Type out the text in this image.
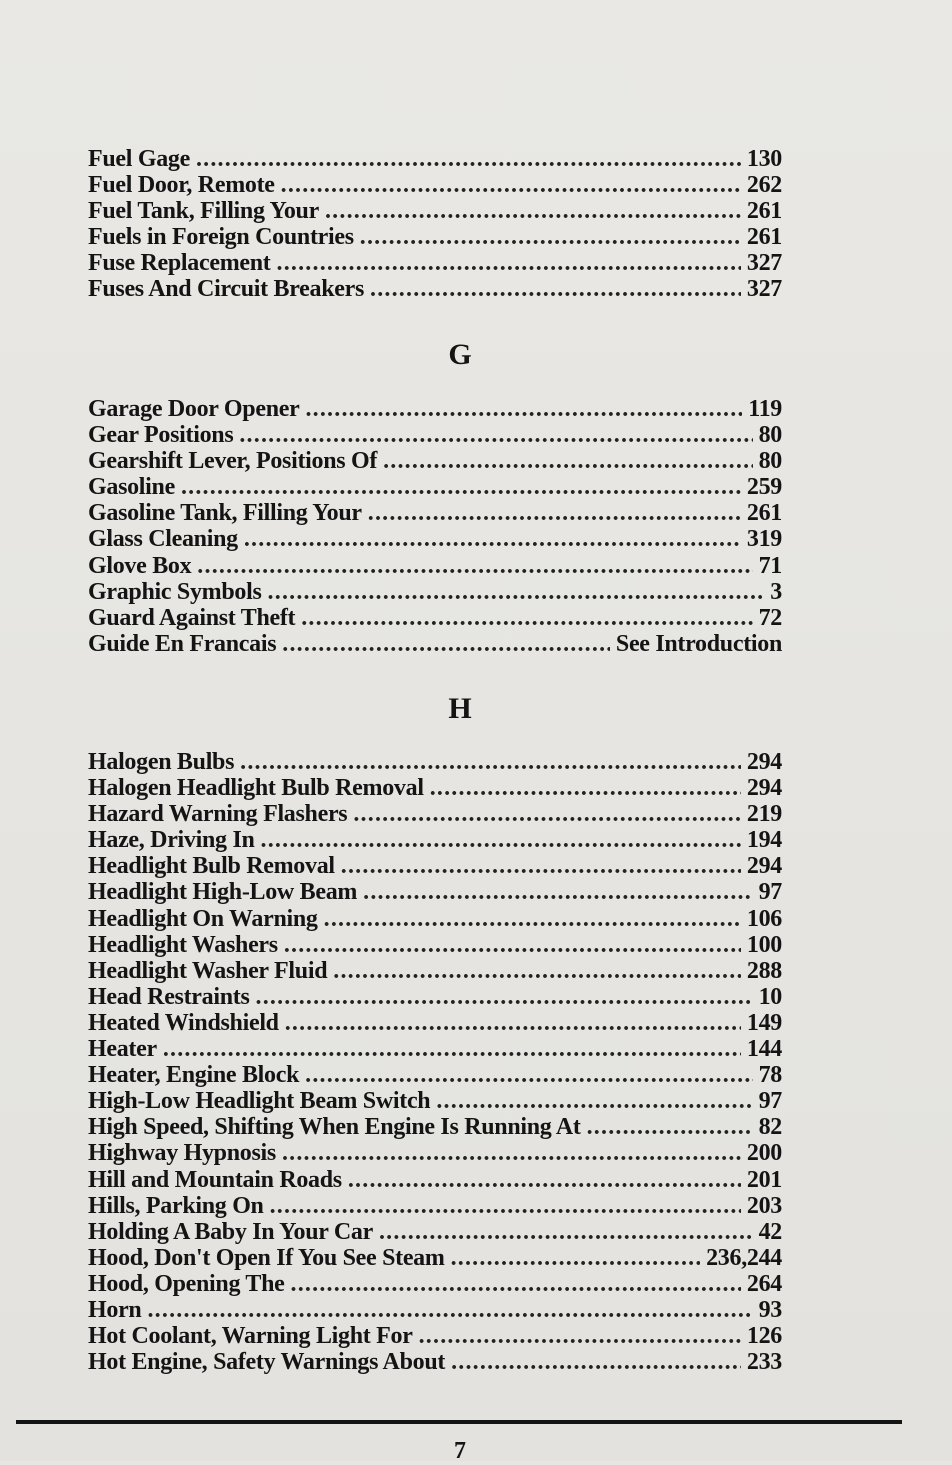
Fuel Gage . . .	130
Fuel Door, Remote . . .	262
Fuel Tank, Filling Your . . .	261
Fuels in Foreign Countries . . .	261
Fuse Replacement . . .	327
Fuses And Circuit Breakers . . .	327
G
Garage Door Opener . . .	119
Gear Positions . . .	80
Gearshift Lever, Positions Of . . .	80
Gasoline . . .	259
Gasoline Tank, Filling Your . . .	261
Glass Cleaning . . .	319
Glove Box . . .	71
Graphic Symbols . . .	3
Guard Against Theft . . .	72
Guide En Francais . . .	See Introduction
H
Halogen Bulbs . . .	294
Halogen Headlight Bulb Removal . . .	294
Hazard Warning Flashers . . .	219
Haze, Driving In . . .	194
Headlight Bulb Removal . . .	294
Headlight High-Low Beam . . .	97
Headlight On Warning . . .	106
Headlight Washers . . .	100
Headlight Washer Fluid . . .	288
Head Restraints . . .	10
Heated Windshield . . .	149
Heater . . .	144
Heater, Engine Block . . .	78
High-Low Headlight Beam Switch . . .	97
High Speed, Shifting When Engine Is Running At . . .	82
Highway Hypnosis . . .	200
Hill and Mountain Roads . . .	201
Hills, Parking On . . .	203
Holding A Baby In Your Car . . .	42
Hood, Don't Open If You See Steam . . .	236,244
Hood, Opening The . . .	264
Horn . . .	93
Hot Coolant, Warning Light For . . .	126
Hot Engine, Safety Warnings About . . .	233
7
